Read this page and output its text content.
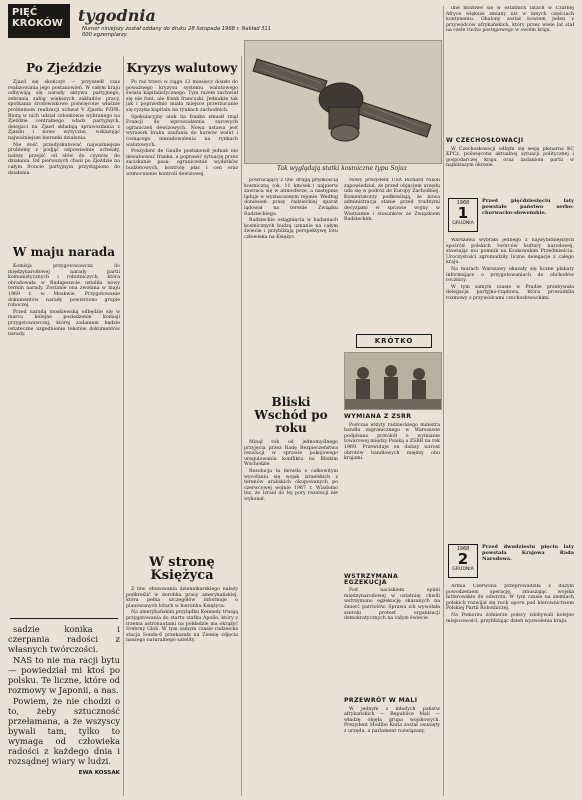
PIĘĆ KROKÓW tygodnia
Numer niniejszy został oddany do druku 28 listopada 1968 r. Nakład 311 000 egzemplarzy.
Po Zjeździe

Zjazd się skończył — przyszedł czas realizowania jego postanowień. W całym kraju odbywają się narady aktywu partyjnego, zebrania załóg większych zakładów pracy, spotkania środowiskowe poświęcone właśnie problemom realizacji uchwał V Zjazdu PZPR. Biorą w nich udział członkowie wybranego na Zjeździe centralnego władz partyjnych, delegaci na Zjazd składają sprawozdania z Zjazdu i nowe wytyczne, wskazując najważniejsze kierunki działania.

Nie dość przedyskutować najważniejsze problemy z podjąć odpowiednie uchwały, należy przejść od słów do czynów, do działania. Od pierwszych chwil po Zjeździe na całym froncie partyjnym przystąpiono do działania.

W maju narada

Komisja przygotowawcza do międzynarodowej narady partii komunistycznych i robotniczych, która obradowała w Budapeszcie ustaliła nowy termin narady. Zostanie ona zwołana w maju 1969 r. w Moskwie. Przygotowanie dokumentów narady powierzono grupie roboczej.

Przed naradą moskiewską odbędzie się w marcu kolejne posiedzenie komisji przygotowawczej, której zadaniem będzie ostateczne uzgodnienie tekstów dokumentów narady.

sadzie konika i czerpania radości z własnych twórczości.

NAS to nie ma racji bytu — powiedział mi ktoś po polsku. Te liczne, które od rozmowy w Japonii, a nas.

Powiem, że nie chodzi o to, żeby sztuczność przełamana, a że wszyscy bywali tam, tylko to wymaga od człowieka radości z każdego dnia i rozsądnej wiary w ludzi.

EWA KOSSAK
Kryzys walutowy

Po raz trzeci w ciągu 12 miesięcy doszło do poważnego kryzysu systemu walutowego świata kapitalistycznego. Tym razem zachwiał się nie funt, ale frank francuski. Jednakże tak jak i poprzednio miała miejsce przerzucanie się ryzyka kapitału na rynkach zachodnich.

Spekulacyjny atak na franka zmusił rząd Francji do wprowadzenia surowych ograniczeń dewizowych. Nowa ustawa jest wyrazem braku zaufania do kursów walut i rosnącego niezadowolenia na rynkach walutowych.

Prezydent de Gaulle postanowił jednak nie dewaluować franka, a poprawić sytuację przez zaciskanie pasa: ograniczenie wydatków budżetowych, kontrolę płac i cen oraz wzmocnienie kontroli dewizowej.

W stronę Księżyca

Z tzw. obozowania dziennikarskiego należy podkreślić w dorobku prasy amerykańskiej, która pełna szczegółów informuje o planowanych lotach w kierunku Księżyca.

Na amerykańskim przylądku Kennedy trwają przygotowania do startu statku Apollo, który z trzema astronautami na pokładzie ma okrążyć Srebrny Glob. W tym samym czasie radziecka stacja Sonda-6 przekazała na Ziemię zdjęcia naszego naturalnego satelity.

Tak wyglądają statki kosmiczne typu Sojuz

powracający z tzw. drugą prędkością kosmiczną (ok. 11 km/sek.) najpierw zawraca się w atmosferze, a następnie ląduje w wyznaczonym rejonie. Według doniesień prasy radzieckiej aparat lądował na terenie Związku Radzieckiego.

Radzieckie osiągnięcia w badaniach kosmicznych budzą uznanie na całym świecie i przybliżają perspektywę lotu człowieka na Księżyc.

Bliski Wschód po roku

Minął rok od jednomyślnego przyjęcia przez Radę Bezpieczeństwa rezolucji w sprawie pokojowego uregulowania konfliktu na Bliskim Wschodzie.

Rezolucja ta mówiła o całkowitym wycofaniu się wojsk izraelskich z terenów arabskich okupowanych po czerwcowej wojnie 1967 r. Wiadomo tez, że Izrael do tej pory rezolucji nie wykonał.

Nowy prezydent USA Richard Nixon zapowiedział, że przed objęciem urzędu uda się w podróż do Europy Zachodniej. Komentatorzy podkreślają, że nowa administracja stanie przed trudnymi decyzjami w sprawie wojny w Wietnamie i stosunków ze Związkiem Radzieckim.

KRÓTKO
WYMIANA Z ZSRR

Podczas wizyty radzieckiego ministra handlu zagranicznego w Warszawie podpisano protokół o wymianie towarowej między Polską a ZSRR na rok 1969. Przewiduje on dalszy wzrost obrotów handlowych między obu krajami.

WSTRZYMANA EGZEKUCJA

Pod naciskiem opinii międzynarodowej w ostatniej chwili wstrzymano egzekucję skazanych na śmierć patriotów. Sprawa ich wywołała szeroki protest organizacji demokratycznych na całym świecie.

PRZEWRÓT W MALI

W jednym z młodych państw afrykańskich — Republice Mali — władzę objęła grupa wojskowych. Prezydent Modibo Keita został usunięty z urzędu, a parlament rozwiązany.

ilne możliwe się w ostatnich latach w Czarnej Afryce większe zmiany niż w innych częściach kontynentu. Obalony został bowiem jeden z przywódców afrykańskich, który przez wiele lat stał na czele ruchu postępowego w swoim kraju.

W CZECHOSŁOWACJI

W Czechosłowacji odbyła się sesja plenarna KC KPCz, poświęcona aktualnej sytuacji politycznej i gospodarczej kraju oraz zadaniom partii w najbliższym okresie.

1968
1
GRUDNIA

Przed pięćdziesięciu laty powstało państwo serbo-chorwacko-słoweńskie.

Warszawa wybrała jednego z najwybitniejszych spośród polskich twórców kultury narodowej, stawiając mu pomnik na Krakowskim Przedmieściu. Uroczystości zgromadziły liczne delegacje z całego kraju.

Na murach Warszawy ukazały się liczne plakaty informujące o przygotowaniach do obchodów rocznicy.

W tym samym czasie w Pradze przebywała delegacja partyjno-rządowa, która prowadziła rozmowy z przywódcami czechosłowackimi.

1968
2
GRUDNIA

Przed dwudziestu pięciu laty powstała Krajowa Rada Narodowa.

Armia Czerwona przeprowadziła z dużym powodzeniem operację, zmuszając wojska hitlerowskie do odwrotu. W tym czasie na ziemiach polskich rozwijał się ruch oporu pod kierownictwem Polskiej Partii Robotniczej.

Na Pomorzu żołnierze polscy zdobywali kolejne miejscowości, przybliżając dzień wyzwolenia kraju.
